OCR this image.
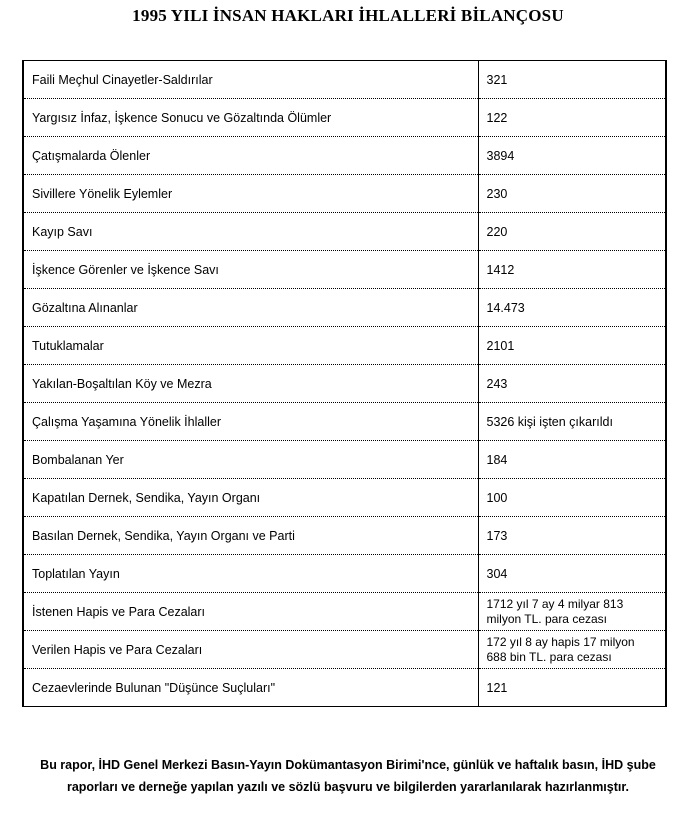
1995 YILI İNSAN HAKLARI İHLALLERİ BİLANÇOSU
Faili Meçhul Cinayetler-Saldırılar	321
Yargısız İnfaz, İşkence Sonucu ve Gözaltında Ölümler	122
Çatışmalarda Ölenler	3894
Sivillere Yönelik Eylemler	230
Kayıp Savı	220
İşkence Görenler ve İşkence Savı	1412
Gözaltına Alınanlar	14.473
Tutuklamalar	2101
Yakılan-Boşaltılan Köy ve Mezra	243
Çalışma Yaşamına Yönelik İhlaller	5326 kişi işten çıkarıldı
Bombalanan Yer	184
Kapatılan Dernek, Sendika, Yayın Organı	100
Basılan Dernek, Sendika, Yayın Organı ve Parti	173
Toplatılan Yayın	304
İstenen Hapis ve Para Cezaları	1712 yıl 7 ay 4 milyar 813 milyon TL. para cezası
Verilen Hapis ve Para Cezaları	172 yıl 8 ay hapis 17 milyon 688 bin TL. para cezası
Cezaevlerinde Bulunan "Düşünce Suçluları"	121
Bu rapor, İHD Genel Merkezi Basın-Yayın Dokümantasyon Birimi'nce, günlük ve haftalık basın, İHD şube raporları ve derneğe yapılan yazılı ve sözlü başvuru ve bilgilerden yararlanılarak hazırlanmıştır.
